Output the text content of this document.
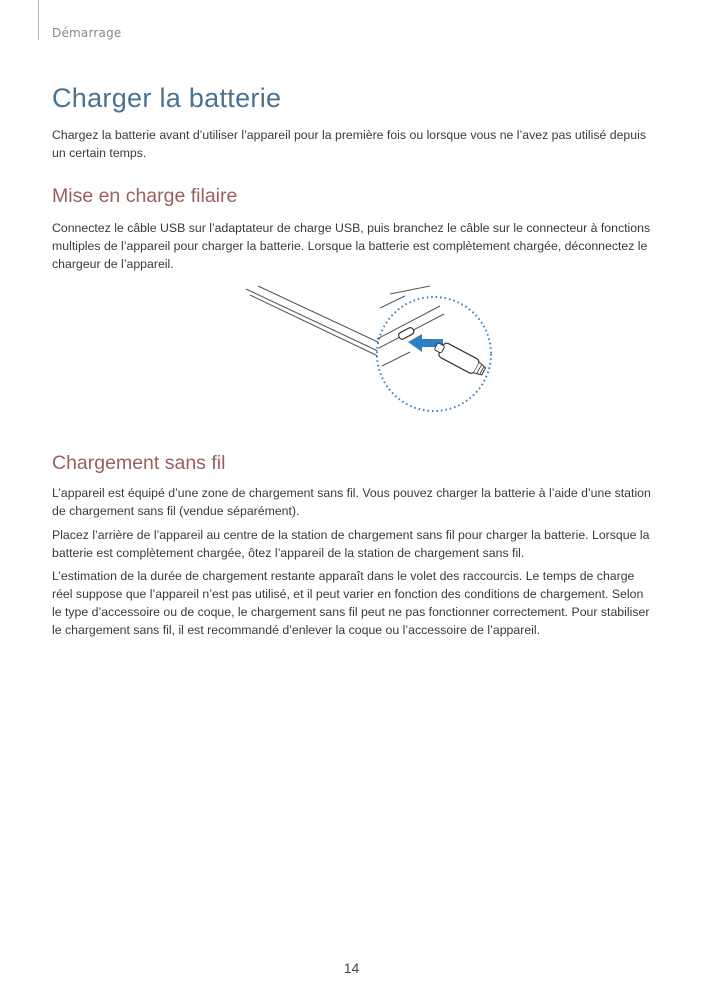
Démarrage
Charger la batterie

Chargez la batterie avant d’utiliser l’appareil pour la première fois ou lorsque vous ne l’avez pas utilisé depuis un certain temps.

Mise en charge filaire

Connectez le câble USB sur l’adaptateur de charge USB, puis branchez le câble sur le connecteur à fonctions multiples de l’appareil pour charger la batterie. Lorsque la batterie est complètement chargée, déconnectez le chargeur de l’appareil.

Chargement sans fil

L’appareil est équipé d’une zone de chargement sans fil. Vous pouvez charger la batterie à l’aide d’une station de chargement sans fil (vendue séparément).

Placez l’arrière de l’appareil au centre de la station de chargement sans fil pour charger la batterie. Lorsque la batterie est complètement chargée, ôtez l’appareil de la station de chargement sans fil.

L’estimation de la durée de chargement restante apparaît dans le volet des raccourcis. Le temps de charge réel suppose que l’appareil n’est pas utilisé, et il peut varier en fonction des conditions de chargement. Selon le type d’accessoire ou de coque, le chargement sans fil peut ne pas fonctionner correctement. Pour stabiliser le chargement sans fil, il est recommandé d’enlever la coque ou l’accessoire de l’appareil.

14
